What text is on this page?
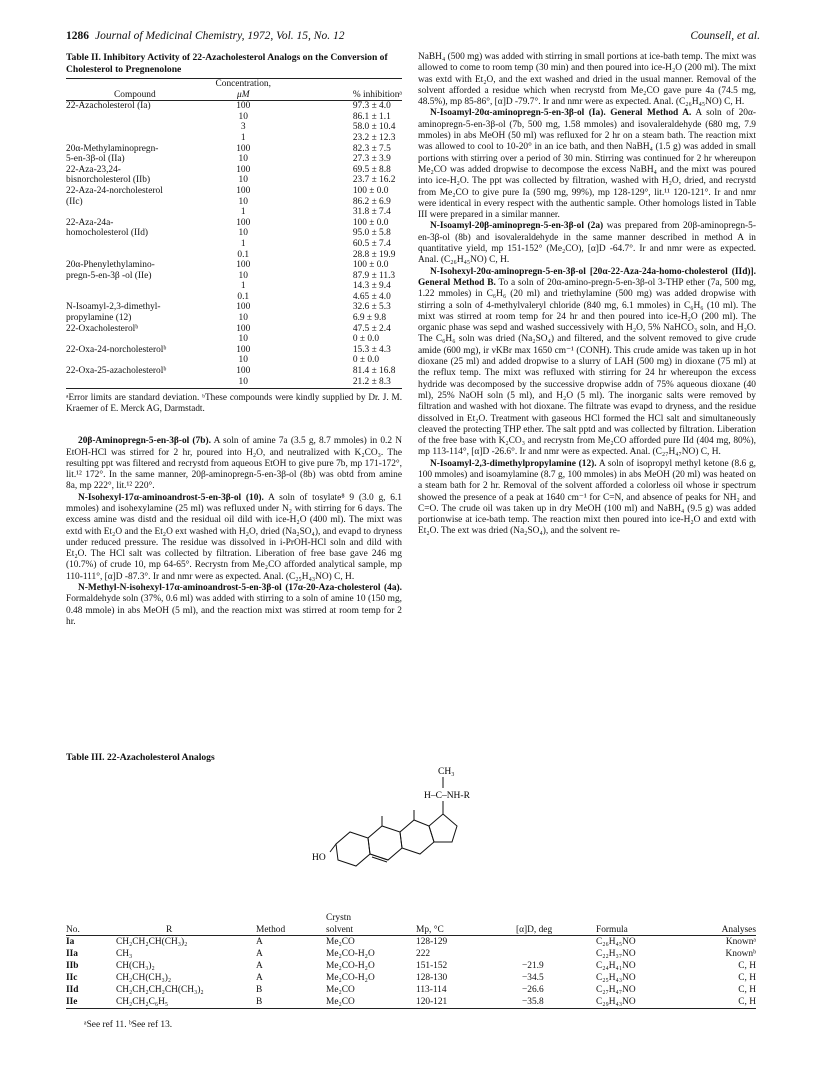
1286 Journal of Medicinal Chemistry, 1972, Vol. 15, No. 12	Counsell, et al.
Table II. Inhibitory Activity of 22-Azacholesterol Analogs on the Conversion of Cholesterol to Pregnenolone
	Concentration,	
Compound	μM	% inhibitionᵃ
22-Azacholesterol (Ia)	100	97.3 ± 4.0
	10	86.1 ± 1.1
	3	58.0 ± 10.4
	1	23.2 ± 12.3
20α-Methylaminopregn-	100	82.3 ± 7.5
5-en-3β-ol (IIa)	10	27.3 ± 3.9
22-Aza-23,24-	100	69.5 ± 8.8
bisnorcholesterol (IIb)	10	23.7 ± 16.2
22-Aza-24-norcholesterol	100	100 ± 0.0
(IIc)	10	86.2 ± 6.9
	1	31.8 ± 7.4
22-Aza-24a-	100	100 ± 0.0
homocholesterol (IId)	10	95.0 ± 5.8
	1	60.5 ± 7.4
	0.1	28.8 ± 19.9
20α-Phenylethylamino-	100	100 ± 0.0
pregn-5-en-3β -ol (IIe)	10	87.9 ± 11.3
	1	14.3 ± 9.4
	0.1	4.65 ± 4.0
N-Isoamyl-2,3-dimethyl-	100	32.6 ± 5.3
propylamine (12)	10	6.9 ± 9.8
22-Oxacholesterolᵇ	100	47.5 ± 2.4
	10	0 ± 0.0
22-Oxa-24-norcholesterolᵇ	100	15.3 ± 4.3
	10	0 ± 0.0
22-Oxa-25-azacholesterolᵇ	100	81.4 ± 16.8
	10	21.2 ± 8.3
ᵃError limits are standard deviation. ᵇThese compounds were kindly supplied by Dr. J. M. Kraemer of E. Merck AG, Darmstadt.

20β-Aminopregn-5-en-3β-ol (7b). A soln of amine 7a (3.5 g, 8.7 mmoles) in 0.2 N EtOH-HCl was stirred for 2 hr, poured into H₂O, and neutralized with K₂CO₃. The resulting ppt was filtered and recrystd from aqueous EtOH to give pure 7b, mp 171-172°, lit.¹² 172°. In the same manner, 20β-aminopregn-5-en-3β-ol (8b) was obtd from amine 8a, mp 222°, lit.¹² 220°.

N-Isohexyl-17α-aminoandrost-5-en-3β-ol (10). A soln of tosylate⁸ 9 (3.0 g, 6.1 mmoles) and isohexylamine (25 ml) was refluxed under N₂ with stirring for 6 days. The excess amine was distd and the residual oil dild with ice-H₂O (400 ml). The mixt was extd with Et₂O and the Et₂O ext washed with H₂O, dried (Na₂SO₄), and evapd to dryness under reduced pressure. The residue was dissolved in i-PrOH-HCl soln and dild with Et₂O. The HCl salt was collected by filtration. Liberation of free base gave 246 mg (10.7%) of crude 10, mp 64-65°. Recrystn from Me₂CO afforded analytical sample, mp 110-111°, [α]D -87.3°. Ir and nmr were as expected. Anal. (C₂₅H₄₃NO) C, H.

N-Methyl-N-isohexyl-17α-aminoandrost-5-en-3β-ol (17α-20-Aza-cholesterol (4a). Formaldehyde soln (37%, 0.6 ml) was added with stirring to a soln of amine 10 (150 mg, 0.48 mmole) in abs MeOH (5 ml), and the reaction mixt was stirred at room temp for 2 hr.

NaBH₄ (500 mg) was added with stirring in small portions at ice-bath temp. The mixt was allowed to come to room temp (30 min) and then poured into ice-H₂O (200 ml). The mixt was extd with Et₂O, and the ext washed and dried in the usual manner. Removal of the solvent afforded a residue which when recrystd from Me₂CO gave pure 4a (74.5 mg, 48.5%), mp 85-86°, [α]D -79.7°. Ir and nmr were as expected. Anal. (C₂₆H₄₅NO) C, H.

N-Isoamyl-20α-aminopregn-5-en-3β-ol (Ia). General Method A. A soln of 20α-aminopregn-5-en-3β-ol (7b, 500 mg, 1.58 mmoles) and isovaleraldehyde (680 mg, 7.9 mmoles) in abs MeOH (50 ml) was refluxed for 2 hr on a steam bath. The reaction mixt was allowed to cool to 10-20° in an ice bath, and then NaBH₄ (1.5 g) was added in small portions with stirring over a period of 30 min. Stirring was continued for 2 hr whereupon Me₂CO was added dropwise to decompose the excess NaBH₄ and the mixt was poured into ice-H₂O. The ppt was collected by filtration, washed with H₂O, dried, and recrystd from Me₂CO to give pure Ia (590 mg, 99%), mp 128-129°, lit.¹¹ 120-121°. Ir and nmr were identical in every respect with the authentic sample. Other homologs listed in Table III were prepared in a similar manner.

N-Isoamyl-20β-aminopregn-5-en-3β-ol (2a) was prepared from 20β-aminopregn-5-en-3β-ol (8b) and isovaleraldehyde in the same manner described in method A in quantitative yield, mp 151-152° (Me₂CO), [α]D -64.7°. Ir and nmr were as expected. Anal. (C₂₆H₄₅NO) C, H.

N-Isohexyl-20α-aminopregn-5-en-3β-ol [20α-22-Aza-24a-homo-cholesterol (IId)]. General Method B. To a soln of 20α-amino-pregn-5-en-3β-ol 3-THP ether (7a, 500 mg, 1.22 mmoles) in C₆H₆ (20 ml) and triethylamine (500 mg) was added dropwise with stirring a soln of 4-methylvaleryl chloride (840 mg, 6.1 mmoles) in C₆H₆ (10 ml). The mixt was stirred at room temp for 24 hr and then poured into ice-H₂O (200 ml). The organic phase was sepd and washed successively with H₂O, 5% NaHCO₃ soln, and H₂O. The C₆H₆ soln was dried (Na₂SO₄) and filtered, and the solvent removed to give crude amide (600 mg), ir νKBr max 1650 cm⁻¹ (CONH). This crude amide was taken up in hot dioxane (25 ml) and added dropwise to a slurry of LAH (500 mg) in dioxane (75 ml) at the reflux temp. The mixt was refluxed with stirring for 24 hr whereupon the excess hydride was decomposed by the successive dropwise addn of 75% aqueous dioxane (40 ml), 25% NaOH soln (5 ml), and H₂O (5 ml). The inorganic salts were removed by filtration and washed with hot dioxane. The filtrate was evapd to dryness, and the residue dissolved in Et₂O. Treatment with gaseous HCl formed the HCl salt and simultaneously cleaved the protecting THP ether. The salt pptd and was collected by filtration. Liberation of the free base with K₂CO₃ and recrystn from Me₂CO afforded pure IId (404 mg, 80%), mp 113-114°, [α]D -26.6°. Ir and nmr were as expected. Anal. (C₂₇H₄₇NO) C, H.

N-Isoamyl-2,3-dimethylpropylamine (12). A soln of isopropyl methyl ketone (8.6 g, 100 mmoles) and isoamylamine (8.7 g, 100 mmoles) in abs MeOH (20 ml) was heated on a steam bath for 2 hr. Removal of the solvent afforded a colorless oil whose ir spectrum showed the presence of a peak at 1640 cm⁻¹ for C=N, and absence of peaks for NH₂ and C=O. The crude oil was taken up in dry MeOH (100 ml) and NaBH₄ (9.5 g) was added portionwise at ice-bath temp. The reaction mixt then poured into ice-H₂O and extd with Et₂O. The ext was dried (Na₂SO₄), and the solvent re-

Table III. 22-Azacholesterol Analogs
CH₃
H–C–NH-R
HO
			Crystn				
No.	R	Method	solvent	Mp, °C	[α]D, deg	Formula	Analyses
Ia	CH₂CH₂CH(CH₃)₂	A	Me₂CO	128-129		C₂₆H₄₅NO	Knownᵃ
IIa	CH₃	A	Me₂CO-H₂O	222		C₂₂H₃₇NO	Knownᵇ
IIb	CH(CH₃)₂	A	Me₂CO-H₂O	151-152	−21.9	C₂₄H₄₁NO	C, H
IIc	CH₂CH(CH₃)₂	A	Me₂CO-H₂O	128-130	−34.5	C₂₅H₄₃NO	C, H
IId	CH₂CH₂CH₂CH(CH₃)₂	B	Me₂CO	113-114	−26.6	C₂₇H₄₇NO	C, H
IIe	CH₂CH₂C₆H₅	B	Me₂CO	120-121	−35.8	C₂₉H₄₃NO	C, H
ᵃSee ref 11. ᵇSee ref 13.
